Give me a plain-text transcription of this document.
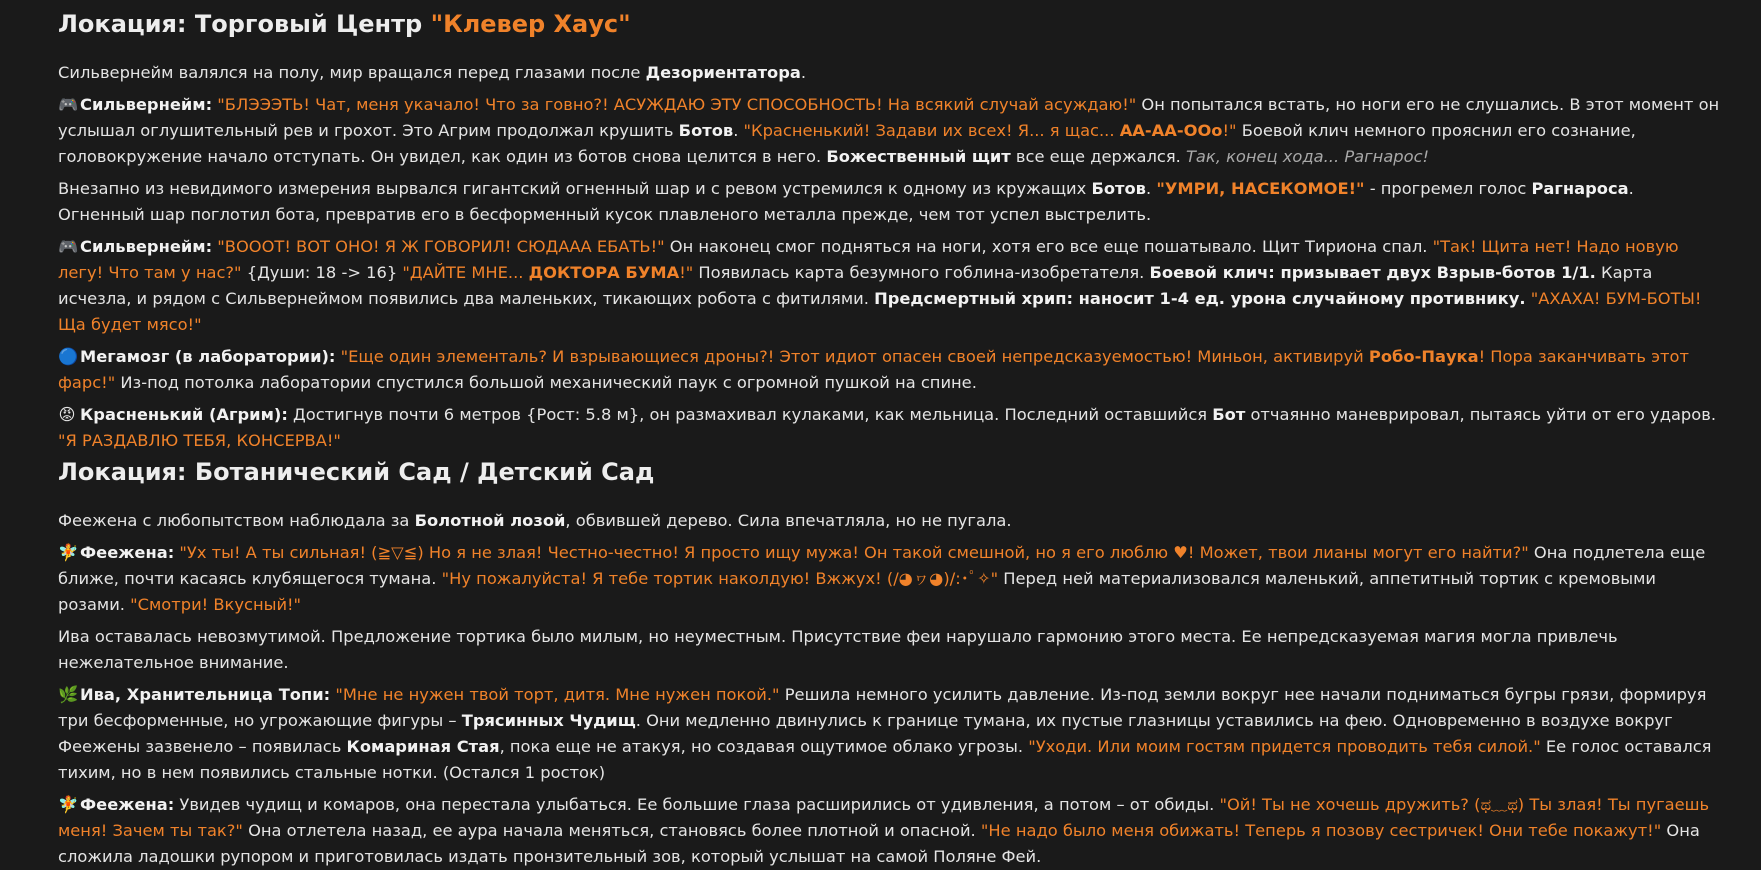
Локация: Торговый Центр "Клевер Хаус"

Сильвернейм валялся на полу, мир вращался перед глазами после Дезориентатора.

🎮 Сильвернейм: "БЛЭЭЭТЬ! Чат, меня укачало! Что за говно?! АСУЖДАЮ ЭТУ СПОСОБНОСТЬ! На всякий случай асуждаю!" Он попытался встать, но ноги его не слушались. В этот момент он услышал оглушительный рев и грохот. Это Агрим продолжал крушить Ботов. "Красненький! Задави их всех! Я... я щас... АА-АА-ООо!" Боевой клич немного прояснил его сознание, головокружение начало отступать. Он увидел, как один из ботов снова целится в него. Божественный щит все еще держался. Так, конец хода... Рагнарос!

Внезапно из невидимого измерения вырвался гигантский огненный шар и с ревом устремился к одному из кружащих Ботов. "УМРИ, НАСЕКОМОЕ!" - прогремел голос Рагнароса. Огненный шар поглотил бота, превратив его в бесформенный кусок плавленого металла прежде, чем тот успел выстрелить.

🎮 Сильвернейм: "ВОООТ! ВОТ ОНО! Я Ж ГОВОРИЛ! СЮДААА ЕБАТЬ!" Он наконец смог подняться на ноги, хотя его все еще пошатывало. Щит Тириона спал. "Так! Щита нет! Надо новую легу! Что там у нас?" {Души: 18 -> 16} "ДАЙТЕ МНЕ... ДОКТОРА БУМА!" Появилась карта безумного гоблина-изобретателя. Боевой клич: призывает двух Взрыв-ботов 1/1. Карта исчезла, и рядом с Сильвернеймом появились два маленьких, тикающих робота с фитилями. Предсмертный хрип: наносит 1-4 ед. урона случайному противнику. "АХАХА! БУМ-БОТЫ! Ща будет мясо!"

🔵 Мегамозг (в лаборатории): "Еще один элементаль? И взрывающиеся дроны?! Этот идиот опасен своей непредсказуемостью! Миньон, активируй Робо-Паука! Пора заканчивать этот фарс!" Из-под потолка лаборатории спустился большой механический паук с огромной пушкой на спине.

😡 Красненький (Агрим): Достигнув почти 6 метров {Рост: 5.8 м}, он размахивал кулаками, как мельница. Последний оставшийся Бот отчаянно маневрировал, пытаясь уйти от его ударов. "Я РАЗДАВЛЮ ТЕБЯ, КОНСЕРВА!"

Локация: Ботанический Сад / Детский Сад

Феежена с любопытством наблюдала за Болотной лозой, обвившей дерево. Сила впечатляла, но не пугала.

🧚 Феежена: "Ух ты! А ты сильная! (≧▽≦) Но я не злая! Честно-честно! Я просто ищу мужа! Он такой смешной, но я его люблю ♥! Может, твои лианы могут его найти?" Она подлетела еще ближе, почти касаясь клубящегося тумана. "Ну пожалуйста! Я тебе тортик наколдую! Вжжух! (/◕ヮ◕)/:･ﾟ✧" Перед ней материализовался маленький, аппетитный тортик с кремовыми розами. "Смотри! Вкусный!"

Ива оставалась невозмутимой. Предложение тортика было милым, но неуместным. Присутствие феи нарушало гармонию этого места. Ее непредсказуемая магия могла привлечь нежелательное внимание.

🌿 Ива, Хранительница Топи: "Мне не нужен твой торт, дитя. Мне нужен покой." Решила немного усилить давление. Из-под земли вокруг нее начали подниматься бугры грязи, формируя три бесформенные, но угрожающие фигуры – Трясинных Чудищ. Они медленно двинулись к границе тумана, их пустые глазницы уставились на фею. Одновременно в воздухе вокруг Феежены зазвенело – появилась Комариная Стая, пока еще не атакуя, но создавая ощутимое облако угрозы. "Уходи. Или моим гостям придется проводить тебя силой." Ее голос оставался тихим, но в нем появились стальные нотки. (Остался 1 росток)

🧚 Феежена: Увидев чудищ и комаров, она перестала улыбаться. Ее большие глаза расширились от удивления, а потом – от обиды. "Ой! Ты не хочешь дружить? (ಥ﹏ಥ) Ты злая! Ты пугаешь меня! Зачем ты так?" Она отлетела назад, ее аура начала меняться, становясь более плотной и опасной. "Не надо было меня обижать! Теперь я позову сестричек! Они тебе покажут!" Она сложила ладошки рупором и приготовилась издать пронзительный зов, который услышат на самой Поляне Фей.
